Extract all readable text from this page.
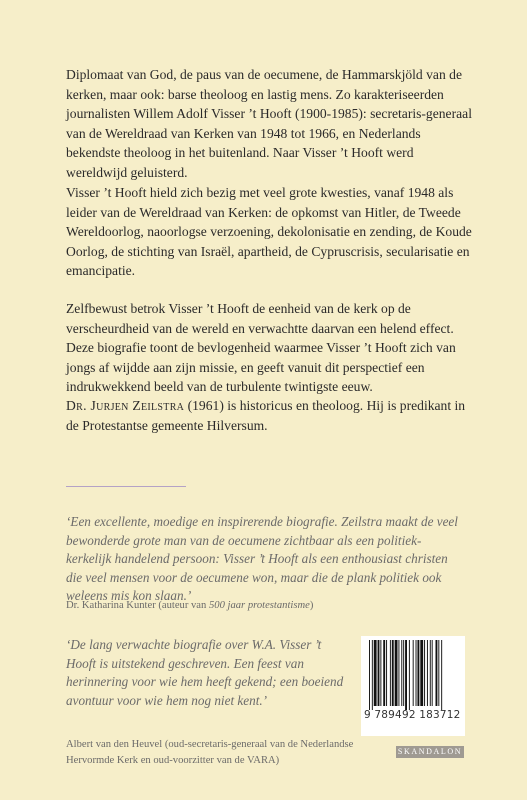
Diplomaat van God, de paus van de oecumene, de Hammarskjöld van de kerken, maar ook: barse theoloog en lastig mens. Zo karakteriseerden journalisten Willem Adolf Visser ’t Hooft (1900-1985): secretaris-generaal van de Wereldraad van Kerken van 1948 tot 1966, en Nederlands bekendste theoloog in het buitenland. Naar Visser ’t Hooft werd wereldwijd geluisterd.

Visser ’t Hooft hield zich bezig met veel grote kwesties, vanaf 1948 als leider van de Wereldraad van Kerken: de opkomst van Hitler, de Tweede Wereldoorlog, naoorlogse verzoening, dekolonisatie en zending, de Koude Oorlog, de stichting van Israël, apartheid, de Cypruscrisis, secularisatie en emancipatie.

Zelfbewust betrok Visser ’t Hooft de eenheid van de kerk op de verscheurdheid van de wereld en verwachtte daarvan een helend effect. Deze biografie toont de bevlogenheid waarmee Visser ’t Hooft zich van jongs af wijdde aan zijn missie, en geeft vanuit dit perspectief een indrukwekkend beeld van de turbulente twintigste eeuw.

Dr. Jurjen Zeilstra (1961) is historicus en theoloog. Hij is predikant in de Protestantse gemeente Hilversum.

‘Een excellente, moedige en inspirerende biografie. Zeilstra maakt de veel bewonderde grote man van de oecumene zichtbaar als een politiek-kerkelijk handelend persoon: Visser ’t Hooft als een enthousiast christen die veel mensen voor de oecumene won, maar die de plank politiek ook weleens mis kon slaan.’

Dr. Katharina Kunter (auteur van 500 jaar protestantisme)

‘De lang verwachte biografie over W.A. Visser ’t Hooft is uitstekend geschreven. Een feest van herinnering voor wie hem heeft gekend; een boeiend avontuur voor wie hem nog niet kent.’

Albert van den Heuvel (oud-secretaris-generaal van de Nederlandse Hervormde Kerk en oud-voorzitter van de VARA)

9 789492 183712
SKANDALON
